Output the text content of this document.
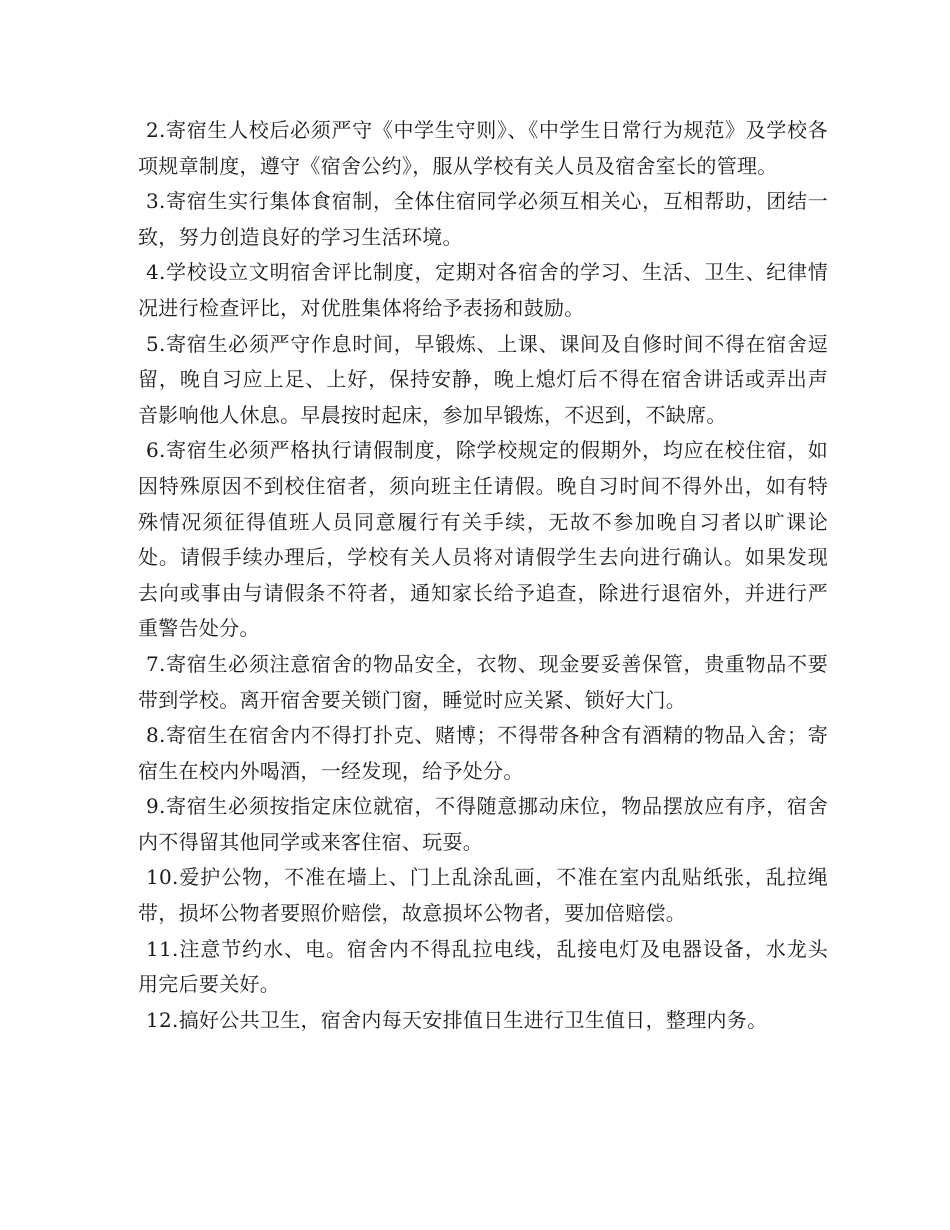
2.寄宿生人校后必须严守《中学生守则》、《中学生日常行为规范》及学校各项规章制度，遵守《宿舍公约》，服从学校有关人员及宿舍室长的管理。

3.寄宿生实行集体食宿制，全体住宿同学必须互相关心，互相帮助，团结一致，努力创造良好的学习生活环境。

4.学校设立文明宿舍评比制度，定期对各宿舍的学习、生活、卫生、纪律情况进行检查评比，对优胜集体将给予表扬和鼓励。

5.寄宿生必须严守作息时间，早锻炼、上课、课间及自修时间不得在宿舍逗留，晚自习应上足、上好，保持安静，晚上熄灯后不得在宿舍讲话或弄出声音影响他人休息。早晨按时起床，参加早锻炼，不迟到，不缺席。

6.寄宿生必须严格执行请假制度，除学校规定的假期外，均应在校住宿，如因特殊原因不到校住宿者，须向班主任请假。晚自习时间不得外出，如有特殊情况须征得值班人员同意履行有关手续，无故不参加晚自习者以旷课论处。请假手续办理后，学校有关人员将对请假学生去向进行确认。如果发现去向或事由与请假条不符者，通知家长给予追查，除进行退宿外，并进行严重警告处分。

7.寄宿生必须注意宿舍的物品安全，衣物、现金要妥善保管，贵重物品不要带到学校。离开宿舍要关锁门窗，睡觉时应关紧、锁好大门。

8.寄宿生在宿舍内不得打扑克、赌博；不得带各种含有酒精的物品入舍；寄宿生在校内外喝酒，一经发现，给予处分。

9.寄宿生必须按指定床位就宿，不得随意挪动床位，物品摆放应有序，宿舍内不得留其他同学或来客住宿、玩耍。

10.爱护公物，不准在墙上、门上乱涂乱画，不准在室内乱贴纸张，乱拉绳带，损坏公物者要照价赔偿，故意损坏公物者，要加倍赔偿。

11.注意节约水、电。宿舍内不得乱拉电线，乱接电灯及电器设备，水龙头用完后要关好。

12.搞好公共卫生，宿舍内每天安排值日生进行卫生值日，整理内务。
